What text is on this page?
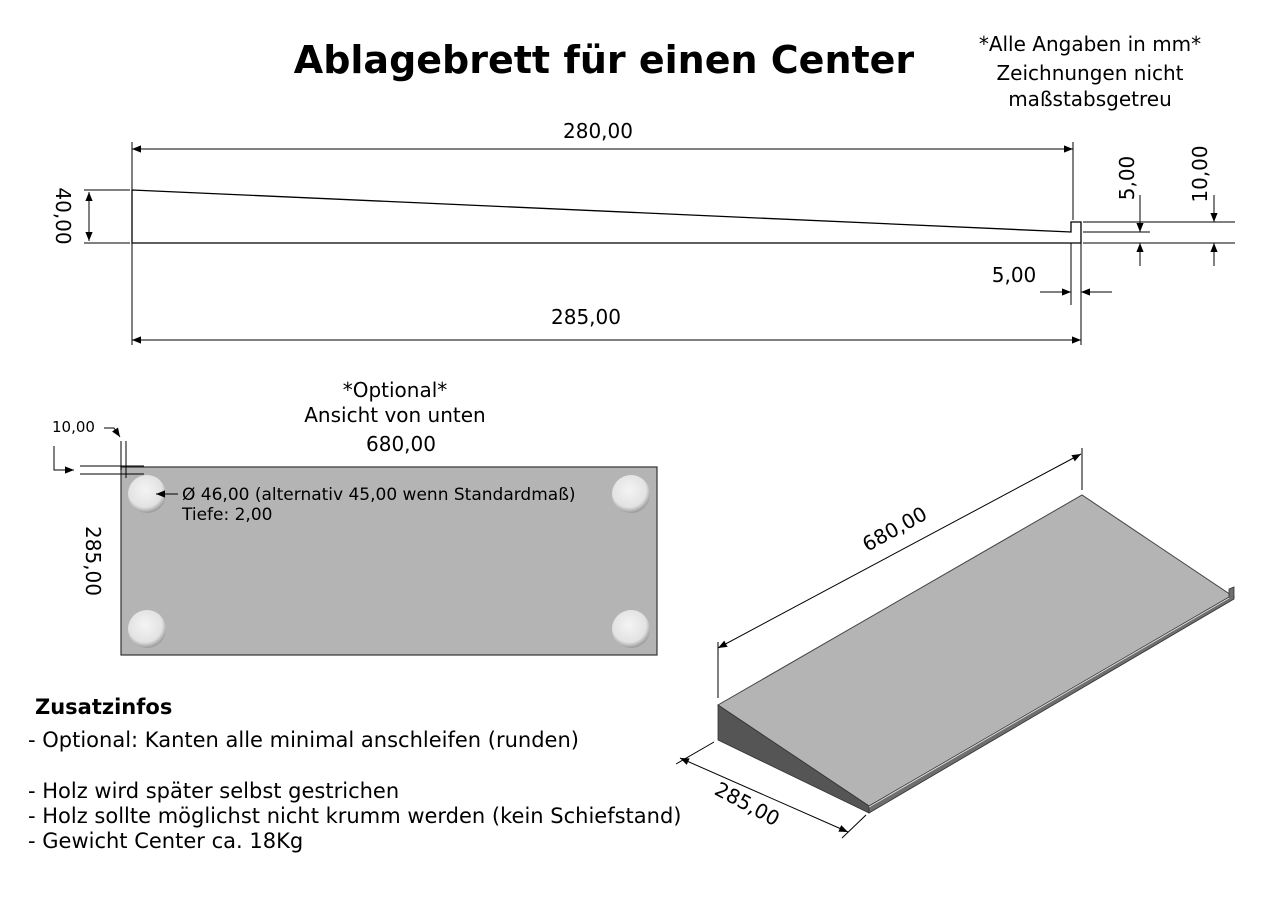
Ablagebrett für einen Center	*Alle Angaben in mm*
Zeichnungen nicht
maßstabsgetreu
280,00
285,00
40,00
5,00 10,00
5,00
*Optional*
Ansicht von unten
680,00
10,00
285,00
Ø 46,00 (alternativ 45,00 wenn Standardmaß)
Tiefe: 2,00	680,00
285,00
Zusatzinfos
- Optional: Kanten alle minimal anschleifen (runden)
- Holz wird später selbst gestrichen
- Holz sollte möglichst nicht krumm werden (kein Schiefstand)
- Gewicht Center ca. 18Kg
